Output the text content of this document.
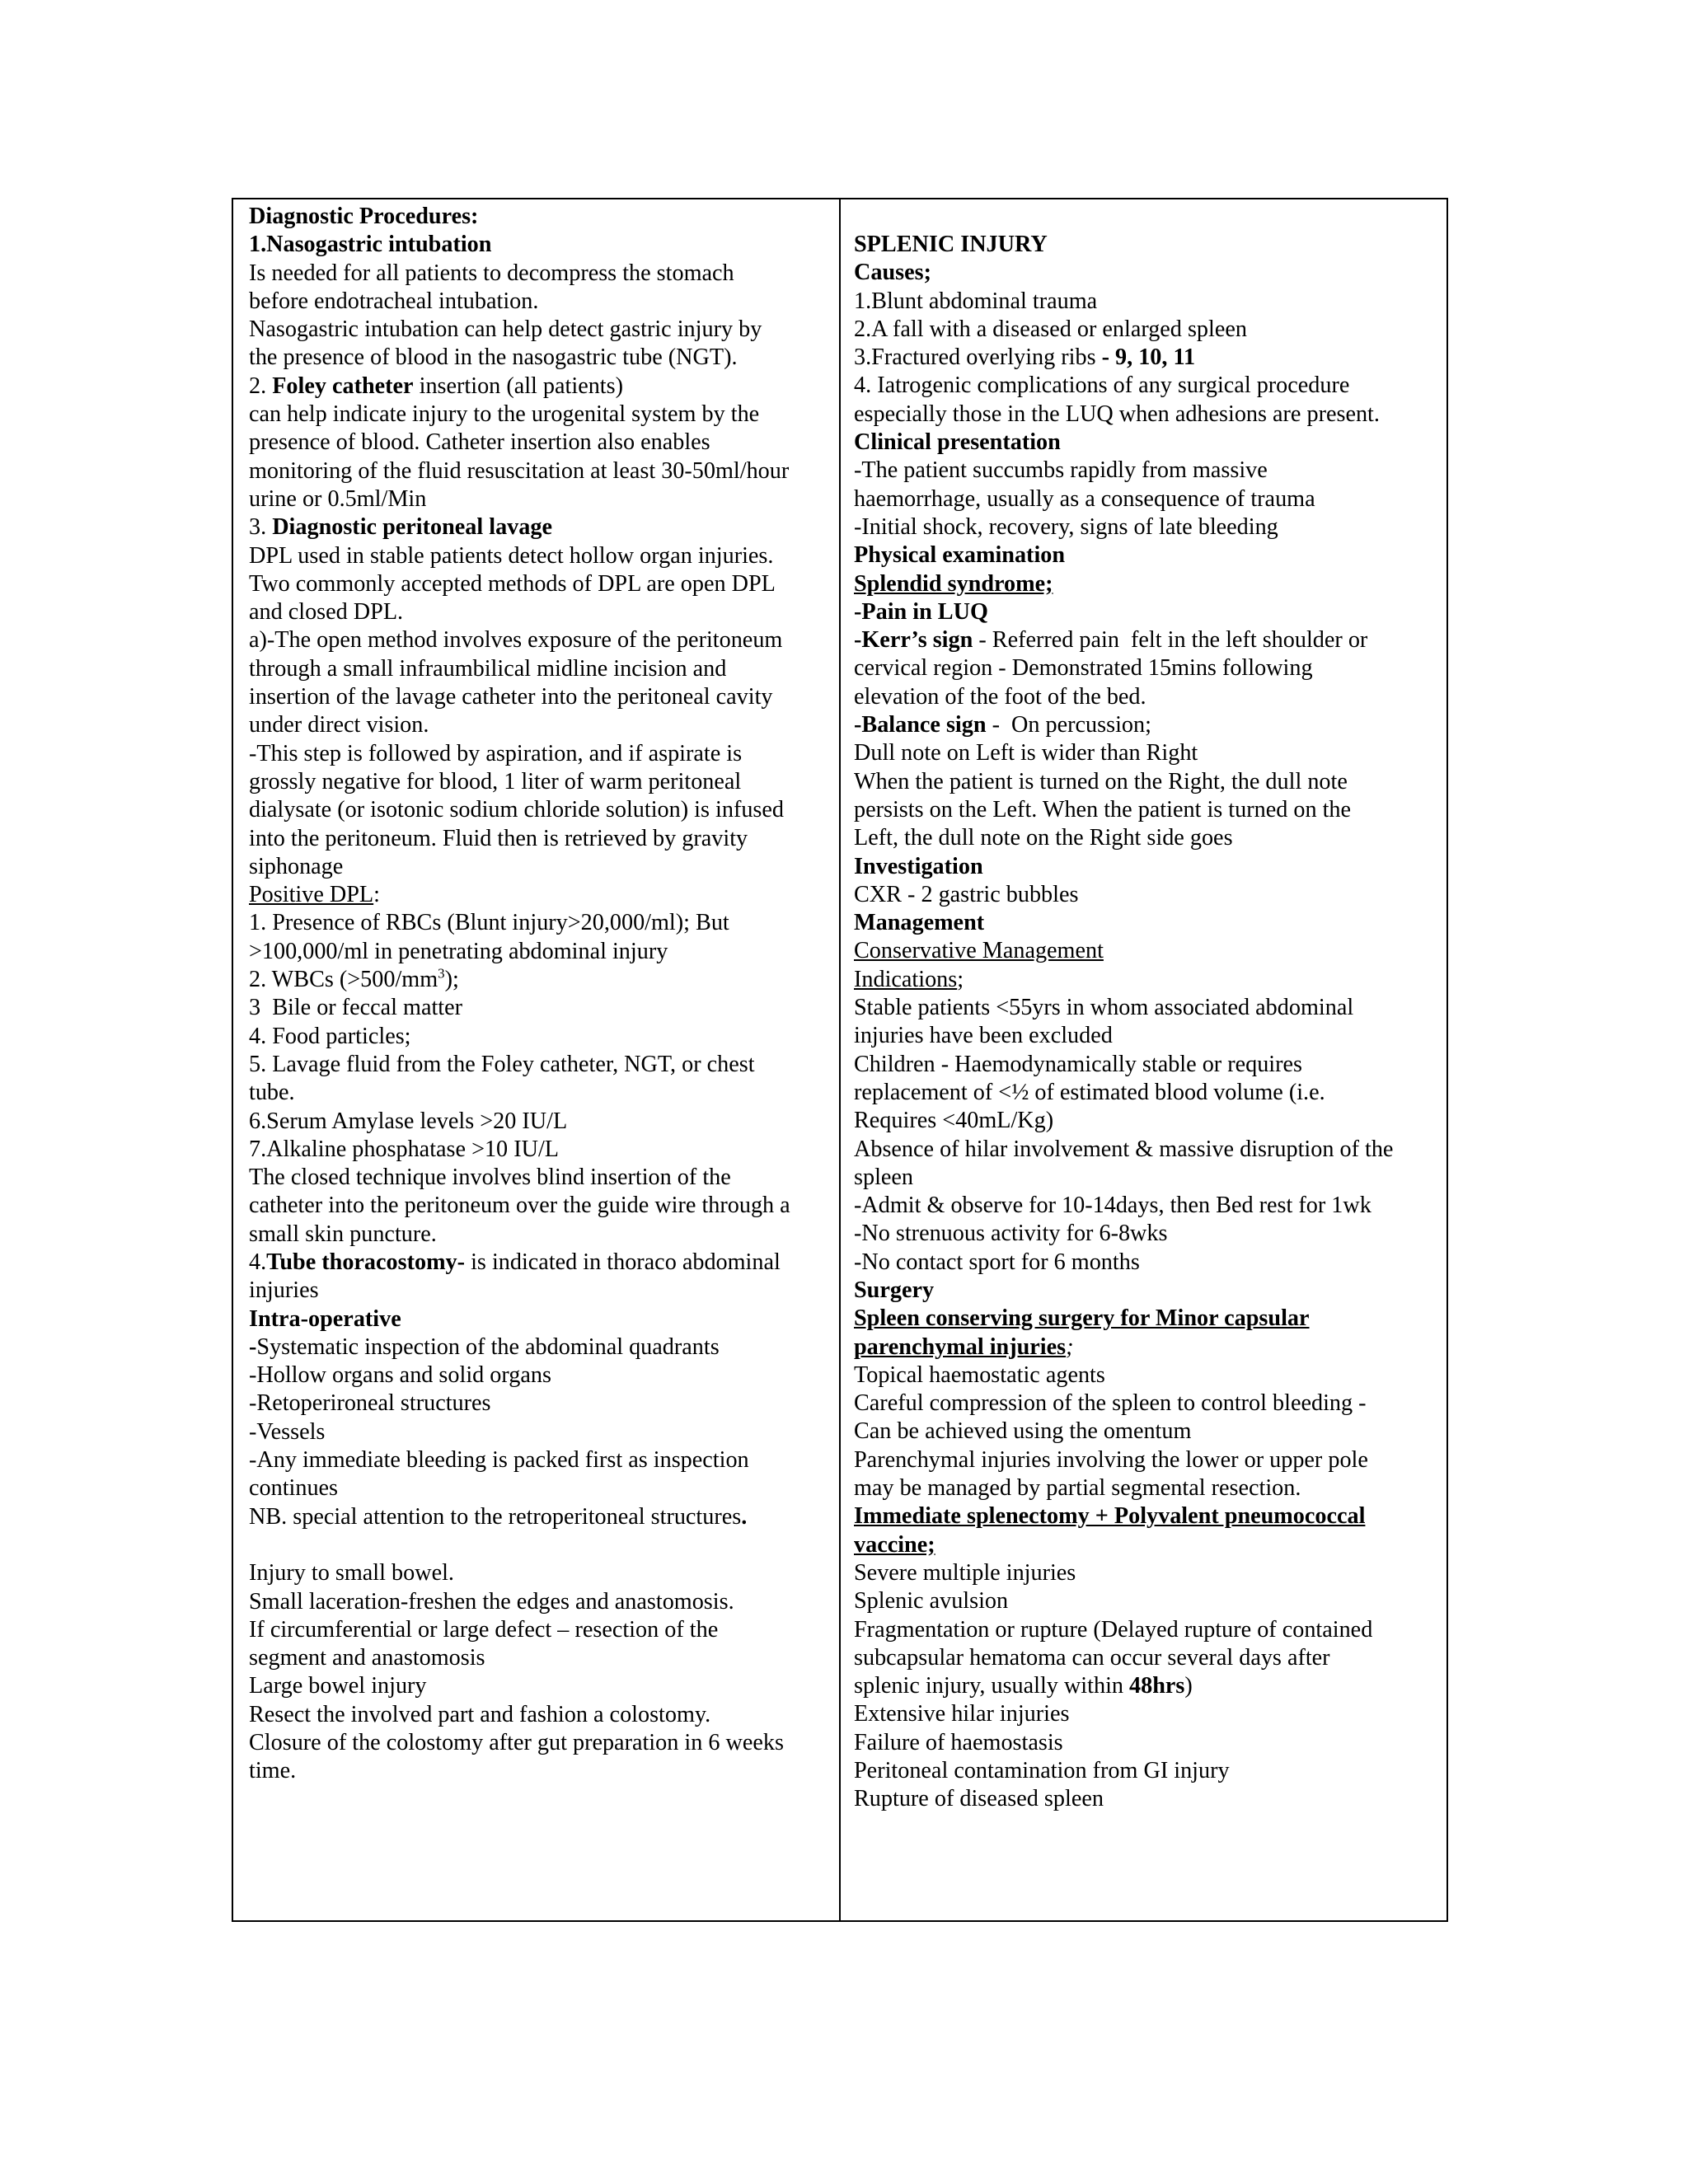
Diagnostic Procedures:
1.Nasogastric intubation
Is needed for all patients to decompress the stomach
before endotracheal intubation.
Nasogastric intubation can help detect gastric injury by
the presence of blood in the nasogastric tube (NGT).
2. Foley catheter insertion (all patients)
can help indicate injury to the urogenital system by the
presence of blood. Catheter insertion also enables
monitoring of the fluid resuscitation at least 30-50ml/hour
urine or 0.5ml/Min
3. Diagnostic peritoneal lavage
DPL used in stable patients detect hollow organ injuries.
Two commonly accepted methods of DPL are open DPL
and closed DPL.
a)-The open method involves exposure of the peritoneum
through a small infraumbilical midline incision and
insertion of the lavage catheter into the peritoneal cavity
under direct vision.
-This step is followed by aspiration, and if aspirate is
grossly negative for blood, 1 liter of warm peritoneal
dialysate (or isotonic sodium chloride solution) is infused
into the peritoneum. Fluid then is retrieved by gravity
siphonage
Positive DPL:
1. Presence of RBCs (Blunt injury>20,000/ml); But
>100,000/ml in penetrating abdominal injury
2. WBCs $(>500/mm^3)$;
3  Bile or feccal matter
4. Food particles;
5. Lavage fluid from the Foley catheter, NGT, or chest
tube.
6.Serum Amylase levels >20 IU/L
7.Alkaline phosphatase >10 IU/L
The closed technique involves blind insertion of the
catheter into the peritoneum over the guide wire through a
small skin puncture.
4.Tube thoracostomy- is indicated in thoraco abdominal
injuries
Intra-operative
-Systematic inspection of the abdominal quadrants
-Hollow organs and solid organs
-Retoperironeal structures
-Vessels
-Any immediate bleeding is packed first as inspection
continues
NB. special attention to the retroperitoneal structures.
Injury to small bowel.
Small laceration-freshen the edges and anastomosis.
If circumferential or large defect – resection of the
segment and anastomosis
Large bowel injury
Resect the involved part and fashion a colostomy.
Closure of the colostomy after gut preparation in 6 weeks
time.
SPLENIC INJURY
Causes;
1.Blunt abdominal trauma
2.A fall with a diseased or enlarged spleen
3.Fractured overlying ribs - 9, 10, 11
4. Iatrogenic complications of any surgical procedure
especially those in the LUQ when adhesions are present.
Clinical presentation
-The patient succumbs rapidly from massive
haemorrhage, usually as a consequence of trauma
-Initial shock, recovery, signs of late bleeding
Physical examination
Splendid syndrome;
-Pain in LUQ
-Kerr’s sign - Referred pain  felt in the left shoulder or
cervical region - Demonstrated 15mins following
elevation of the foot of the bed.
-Balance sign -  On percussion;
Dull note on Left is wider than Right
When the patient is turned on the Right, the dull note
persists on the Left. When the patient is turned on the
Left, the dull note on the Right side goes
Investigation
CXR - 2 gastric bubbles
Management
Conservative Management
Indications;
Stable patients <55yrs in whom associated abdominal
injuries have been excluded
Children - Haemodynamically stable or requires
replacement of <½ of estimated blood volume (i.e.
Requires <40mL/Kg)
Absence of hilar involvement & massive disruption of the
spleen
-Admit & observe for 10-14days, then Bed rest for 1wk
-No strenuous activity for 6-8wks
-No contact sport for 6 months
Surgery
Spleen conserving surgery for Minor capsular
parenchymal injuries;
Topical haemostatic agents
Careful compression of the spleen to control bleeding -
Can be achieved using the omentum
Parenchymal injuries involving the lower or upper pole
may be managed by partial segmental resection.
Immediate splenectomy + Polyvalent pneumococcal
vaccine;
Severe multiple injuries
Splenic avulsion
Fragmentation or rupture (Delayed rupture of contained
subcapsular hematoma can occur several days after
splenic injury, usually within 48hrs)
Extensive hilar injuries
Failure of haemostasis
Peritoneal contamination from GI injury
Rupture of diseased spleen
